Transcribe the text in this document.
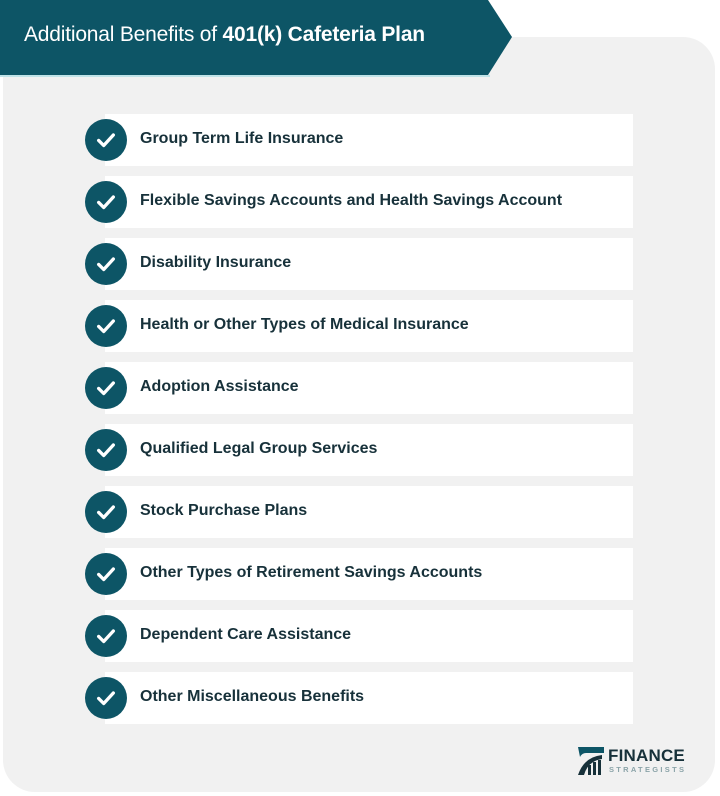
Additional Benefits of 401(k) Cafeteria Plan
Group Term Life Insurance
Flexible Savings Accounts and Health Savings Account
Disability Insurance
Health or Other Types of Medical Insurance
Adoption Assistance
Qualified Legal Group Services
Stock Purchase Plans
Other Types of Retirement Savings Accounts
Dependent Care Assistance
Other Miscellaneous Benefits
FINANCE
STRATEGISTS
